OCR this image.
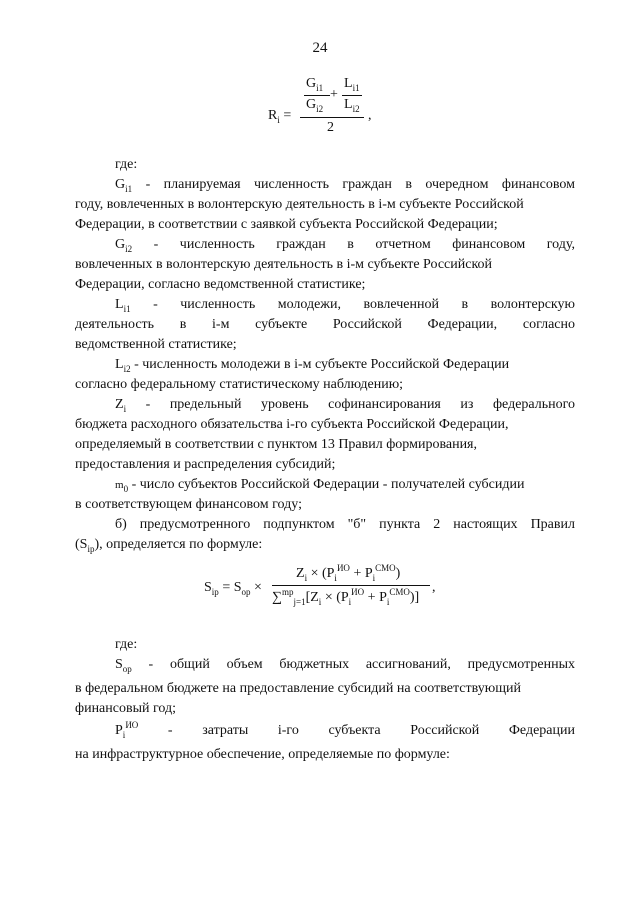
24
$R_i$ =
$G_{i1}$
$G_{i2}$
+
$L_{i1}$
$L_{i2}$
2
,
где:
$G_{i1}$ - планируемая численность граждан в очередном финансовом
году, вовлеченных в волонтерскую деятельность в i-м субъекте Российской
Федерации, в соответствии с заявкой субъекта Российской Федерации;
$G_{i2}$ - численность граждан в отчетном финансовом году,
вовлеченных в волонтерскую деятельность в i-м субъекте Российской
Федерации, согласно ведомственной статистике;
$L_{i1}$ - численность молодежи, вовлеченной в волонтерскую
деятельность в i-м субъекте Российской Федерации, согласно
ведомственной статистике;
$L_{i2}$ - численность молодежи в i-м субъекте Российской Федерации
согласно федеральному статистическому наблюдению;
$Z_i$ - предельный уровень софинансирования из федерального
бюджета расходного обязательства i-го субъекта Российской Федерации,
определяемый в соответствии с пунктом 13 Правил формирования,
предоставления и распределения субсидий;
$m_0$ - число субъектов Российской Федерации - получателей субсидии
в соответствующем финансовом году;
б) предусмотренного подпунктом "б" пункта 2 настоящих Правил
$(S_{ip})$, определяется по формуле:
$S_{ip} = S_{op}$ ×
$Z_i \times (P_i^{ИО} + P_i^{СМО})$
$\sum^{mp}_{j=1}[Z_i \times (P_i^{ИО} + P_i^{СМО})]$
,
где:
$S_{op}$ - общий объем бюджетных ассигнований, предусмотренных
в федеральном бюджете на предоставление субсидий на соответствующий
финансовый год;
$P_i^{ИО}$ - затраты i-го субъекта Российской Федерации
на инфраструктурное обеспечение, определяемые по формуле:
